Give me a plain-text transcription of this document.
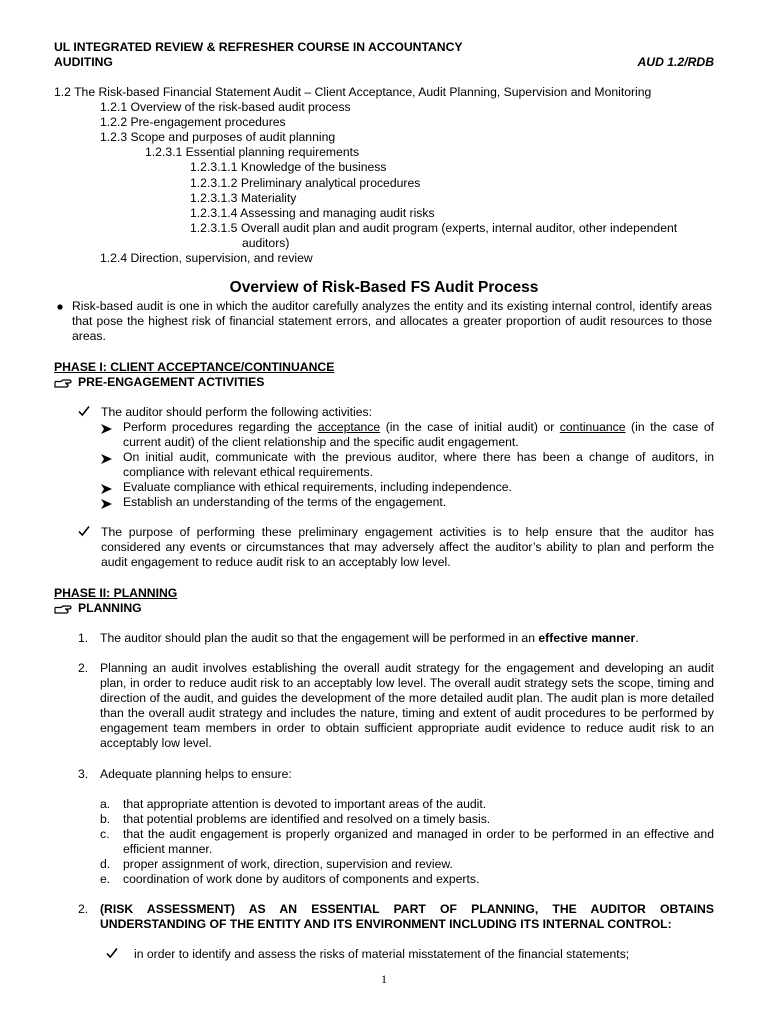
UL INTEGRATED REVIEW & REFRESHER COURSE IN ACCOUNTANCY
AUDITING	AUD 1.2/RDB
1.2 The Risk-based Financial Statement Audit – Client Acceptance, Audit Planning, Supervision and Monitoring
1.2.1 Overview of the risk-based audit process
1.2.2 Pre-engagement procedures
1.2.3 Scope and purposes of audit planning
1.2.3.1 Essential planning requirements
1.2.3.1.1 Knowledge of the business
1.2.3.1.2 Preliminary analytical procedures
1.2.3.1.3 Materiality
1.2.3.1.4 Assessing and managing audit risks
1.2.3.1.5 Overall audit plan and audit program (experts, internal auditor, other independent
auditors)
1.2.4 Direction, supervision, and review
Overview of Risk-Based FS Audit Process
Risk-based audit is one in which the auditor carefully analyzes the entity and its existing internal control, identify areas that pose the highest risk of financial statement errors, and allocates a greater proportion of audit resources to those areas.
PHASE I: CLIENT ACCEPTANCE/CONTINUANCE
PRE-ENGAGEMENT ACTIVITIES
The auditor should perform the following activities:
Perform procedures regarding the acceptance (in the case of initial audit) or continuance (in the case of current audit) of the client relationship and the specific audit engagement.
On initial audit, communicate with the previous auditor, where there has been a change of auditors, in compliance with relevant ethical requirements.
Evaluate compliance with ethical requirements, including independence.
Establish an understanding of the terms of the engagement.
The purpose of performing these preliminary engagement activities is to help ensure that the auditor has considered any events or circumstances that may adversely affect the auditor’s ability to plan and perform the audit engagement to reduce audit risk to an acceptably low level.
PHASE II: PLANNING
PLANNING
1. The auditor should plan the audit so that the engagement will be performed in an effective manner.
2. Planning an audit involves establishing the overall audit strategy for the engagement and developing an audit plan, in order to reduce audit risk to an acceptably low level. The overall audit strategy sets the scope, timing and direction of the audit, and guides the development of the more detailed audit plan. The audit plan is more detailed than the overall audit strategy and includes the nature, timing and extent of audit procedures to be performed by engagement team members in order to obtain sufficient appropriate audit evidence to reduce audit risk to an acceptably low level.
3. Adequate planning helps to ensure:
a. that appropriate attention is devoted to important areas of the audit.
b. that potential problems are identified and resolved on a timely basis.
c. that the audit engagement is properly organized and managed in order to be performed in an effective and efficient manner.
d. proper assignment of work, direction, supervision and review.
e. coordination of work done by auditors of components and experts.
2. (RISK ASSESSMENT) AS AN ESSENTIAL PART OF PLANNING, THE AUDITOR OBTAINS UNDERSTANDING OF THE ENTITY AND ITS ENVIRONMENT INCLUDING ITS INTERNAL CONTROL:
in order to identify and assess the risks of material misstatement of the financial statements;
1
